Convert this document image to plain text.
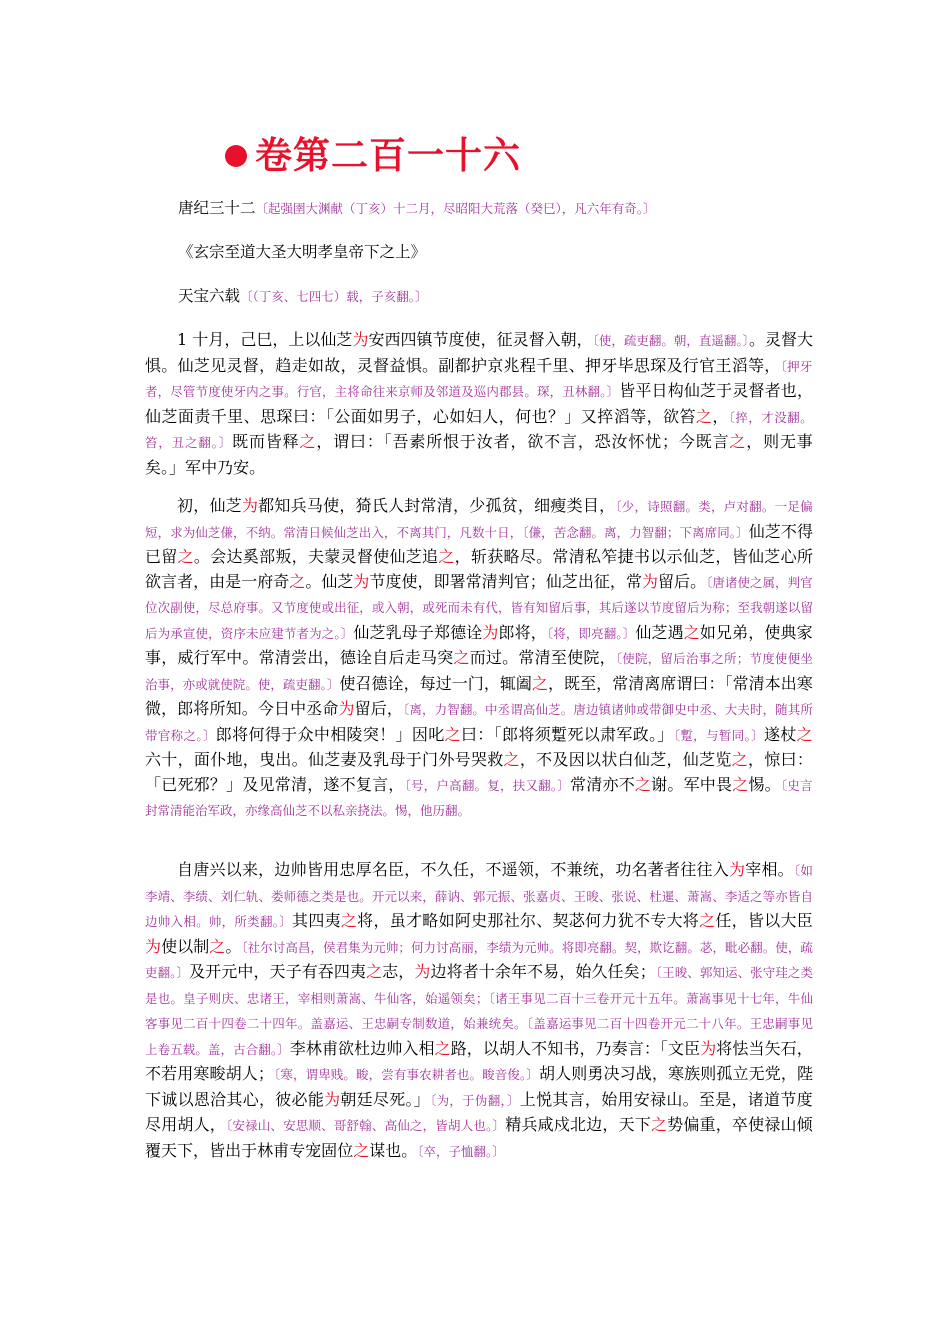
卷第二百一十六
唐纪三十二〔起强圉大渊献（丁亥）十二月，尽昭阳大荒落（癸巳），凡六年有奇。〕
《玄宗至道大圣大明孝皇帝下之上》
天宝六载〔（丁亥、七四七）载，子亥翻。〕
1 十月，己巳，上以仙芝为安西四镇节度使，征灵督入朝，〔使，疏吏翻。朝，直遥翻。〕。灵督大惧。仙芝见灵督，趋走如故，灵督益惧。副都护京兆程千里、押牙毕思琛及行官王滔等，〔押牙者，尽管节度使牙内之事。行官，主将命往来京师及邻道及巡内郡县。琛，丑林翻。〕皆平日构仙芝于灵督者也，仙芝面责千里、思琛曰：「公面如男子，心如妇人，何也？」又捽滔等，欲笞之，〔捽，才没翻。笞，丑之翻。〕既而皆释之，谓曰：「吾素所恨于汝者，欲不言，恐汝怀忧；今既言之，则无事矣。」军中乃安。
初，仙芝为都知兵马使，猗氏人封常清，少孤贫，细瘦类目，〔少，诗照翻。类，卢对翻。一足偏短，求为仙芝傔，不纳。常清日候仙芝出入，不离其门，凡数十日，〔傔，苦念翻。离，力智翻；下离席同。〕仙芝不得已留之。会达奚部叛，夫蒙灵督使仙芝追之，斩获略尽。常清私笮捷书以示仙芝，皆仙芝心所欲言者，由是一府奇之。仙芝为节度使，即署常清判官；仙芝出征，常为留后。〔唐诸使之属，判官位次副使，尽总府事。又节度使或出征，或入朝，或死而未有代，皆有知留后事，其后遂以节度留后为称；至我朝遂以留后为承宣使，资序未应建节者为之。〕仙芝乳母子郑德诠为郎将，〔将，即亮翻。〕仙芝遇之如兄弟，使典家事，威行军中。常清尝出，德诠自后走马突之而过。常清至使院，〔使院，留后治事之所；节度使便坐治事，亦或就使院。使，疏吏翻。〕使召德诠，每过一门，辄阖之，既至，常清离席谓曰：「常清本出寒微，郎将所知。今日中丞命为留后，〔离，力智翻。中丞谓高仙芝。唐边镇诸帅或带御史中丞、大夫时，随其所带官称之。〕郎将何得于众中相陵突！」因叱之曰：「郎将须蹔死以肃军政。」〔蹔，与暂同。〕遂杖之六十，面仆地，曳出。仙芝妻及乳母于门外号哭救之，不及因以状白仙芝，仙芝览之，惊曰：「已死邪？」及见常清，遂不复言，〔号，户高翻。复，扶又翻。〕常清亦不之谢。军中畏之惕。〔史言封常清能治军政，亦缘高仙芝不以私亲挠法。惕，他历翻。
自唐兴以来，边帅皆用忠厚名臣，不久任，不遥领，不兼统，功名著者往往入为宰相。〔如李靖、李绩、刘仁轨、娄师德之类是也。开元以来，薛讷、郭元振、张嘉贞、王晙、张说、杜暹、萧嵩、李适之等亦皆自边帅入相。帅，所类翻。〕其四夷之将，虽才略如阿史那社尔、契苾何力犹不专大将之任，皆以大臣为使以制之。〔社尔讨高昌，侯君集为元帅；何力讨高丽，李绩为元帅。将即亮翻。契，欺讫翻。苾，毗必翻。使，疏吏翻。〕及开元中，天子有吞四夷之志，为边将者十余年不易，始久任矣；〔王晙、郭知运、张守珪之类是也。皇子则庆、忠诸王，宰相则萧嵩、牛仙客，始遥领矣；〔诸王事见二百十三卷开元十五年。萧嵩事见十七年，牛仙客事见二百十四卷二十四年。盖嘉运、王忠嗣专制数道，始兼统矣。〔盖嘉运事见二百十四卷开元二十八年。王忠嗣事见上卷五载。盖，古合翻。〕李林甫欲杜边帅入相之路，以胡人不知书，乃奏言：「文臣为将怯当矢石，不若用寒畯胡人；〔寒，谓卑贱。畯，尝有事农耕者也。畯音俊。〕胡人则勇决习战，寒族则孤立无党，陛下诚以恩洽其心，彼必能为朝廷尽死。」〔为，于伪翻，〕上悦其言，始用安禄山。至是，诸道节度尽用胡人，〔安禄山、安思顺、哥舒翰、高仙之，皆胡人也。〕精兵咸戍北边，天下之势偏重，卒使禄山倾覆天下，皆出于林甫专宠固位之谋也。〔卒，子恤翻。〕
